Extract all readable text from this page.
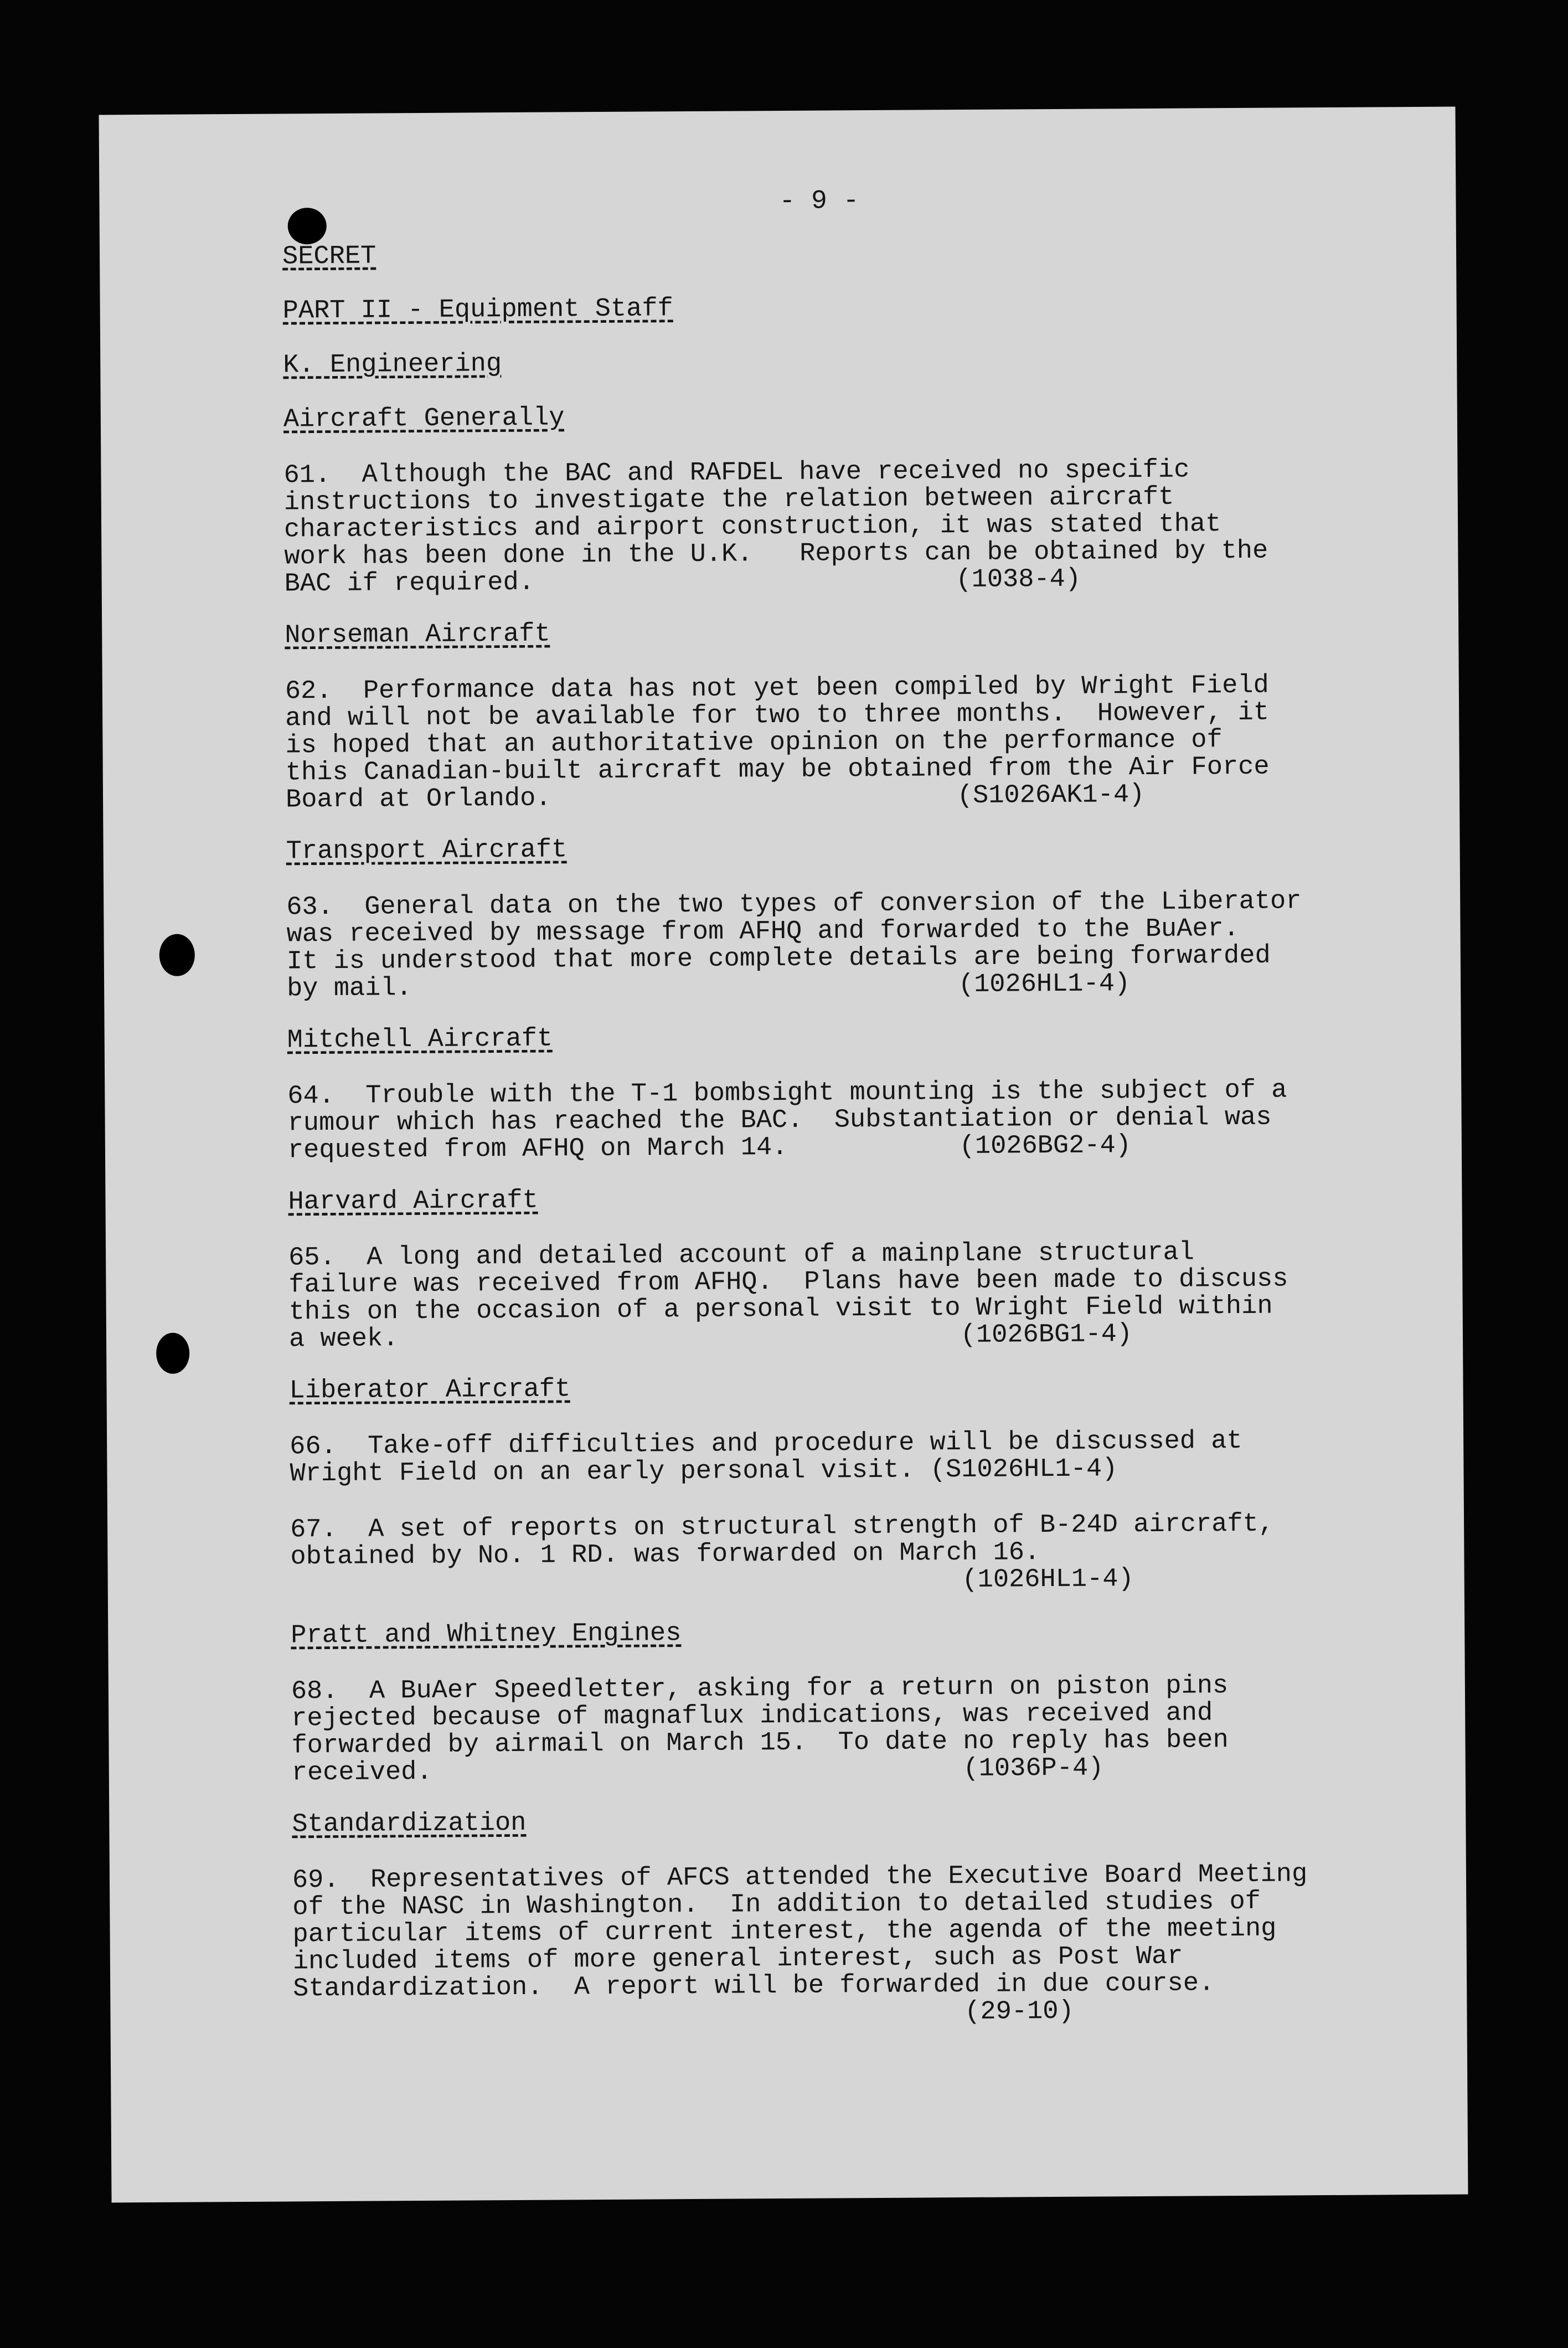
- 9 -
SECRET
PART II - Equipment Staff
K. Engineering
Aircraft Generally
61.  Although the BAC and RAFDEL have received no specific
instructions to investigate the relation between aircraft
characteristics and airport construction, it was stated that
work has been done in the U.K.   Reports can be obtained by the
BAC if required.                           (1038-4)
Norseman Aircraft
62.  Performance data has not yet been compiled by Wright Field
and will not be available for two to three months.  However, it
is hoped that an authoritative opinion on the performance of
this Canadian-built aircraft may be obtained from the Air Force
Board at Orlando.                          (S1026AK1-4)
Transport Aircraft
63.  General data on the two types of conversion of the Liberator
was received by message from AFHQ and forwarded to the BuAer.
It is understood that more complete details are being forwarded
by mail.                                   (1026HL1-4)
Mitchell Aircraft
64.  Trouble with the T-1 bombsight mounting is the subject of a
rumour which has reached the BAC.  Substantiation or denial was
requested from AFHQ on March 14.           (1026BG2-4)
Harvard Aircraft
65.  A long and detailed account of a mainplane structural
failure was received from AFHQ.  Plans have been made to discuss
this on the occasion of a personal visit to Wright Field within
a week.                                    (1026BG1-4)
Liberator Aircraft
66.  Take-off difficulties and procedure will be discussed at
Wright Field on an early personal visit. (S1026HL1-4)
67.  A set of reports on structural strength of B-24D aircraft,
obtained by No. 1 RD. was forwarded on March 16.
(1026HL1-4)
Pratt and Whitney Engines
68.  A BuAer Speedletter, asking for a return on piston pins
rejected because of magnaflux indications, was received and
forwarded by airmail on March 15.  To date no reply has been
received.                                  (1036P-4)
Standardization
69.  Representatives of AFCS attended the Executive Board Meeting
of the NASC in Washington.  In addition to detailed studies of
particular items of current interest, the agenda of the meeting
included items of more general interest, such as Post War
Standardization.  A report will be forwarded in due course.
(29-10)
